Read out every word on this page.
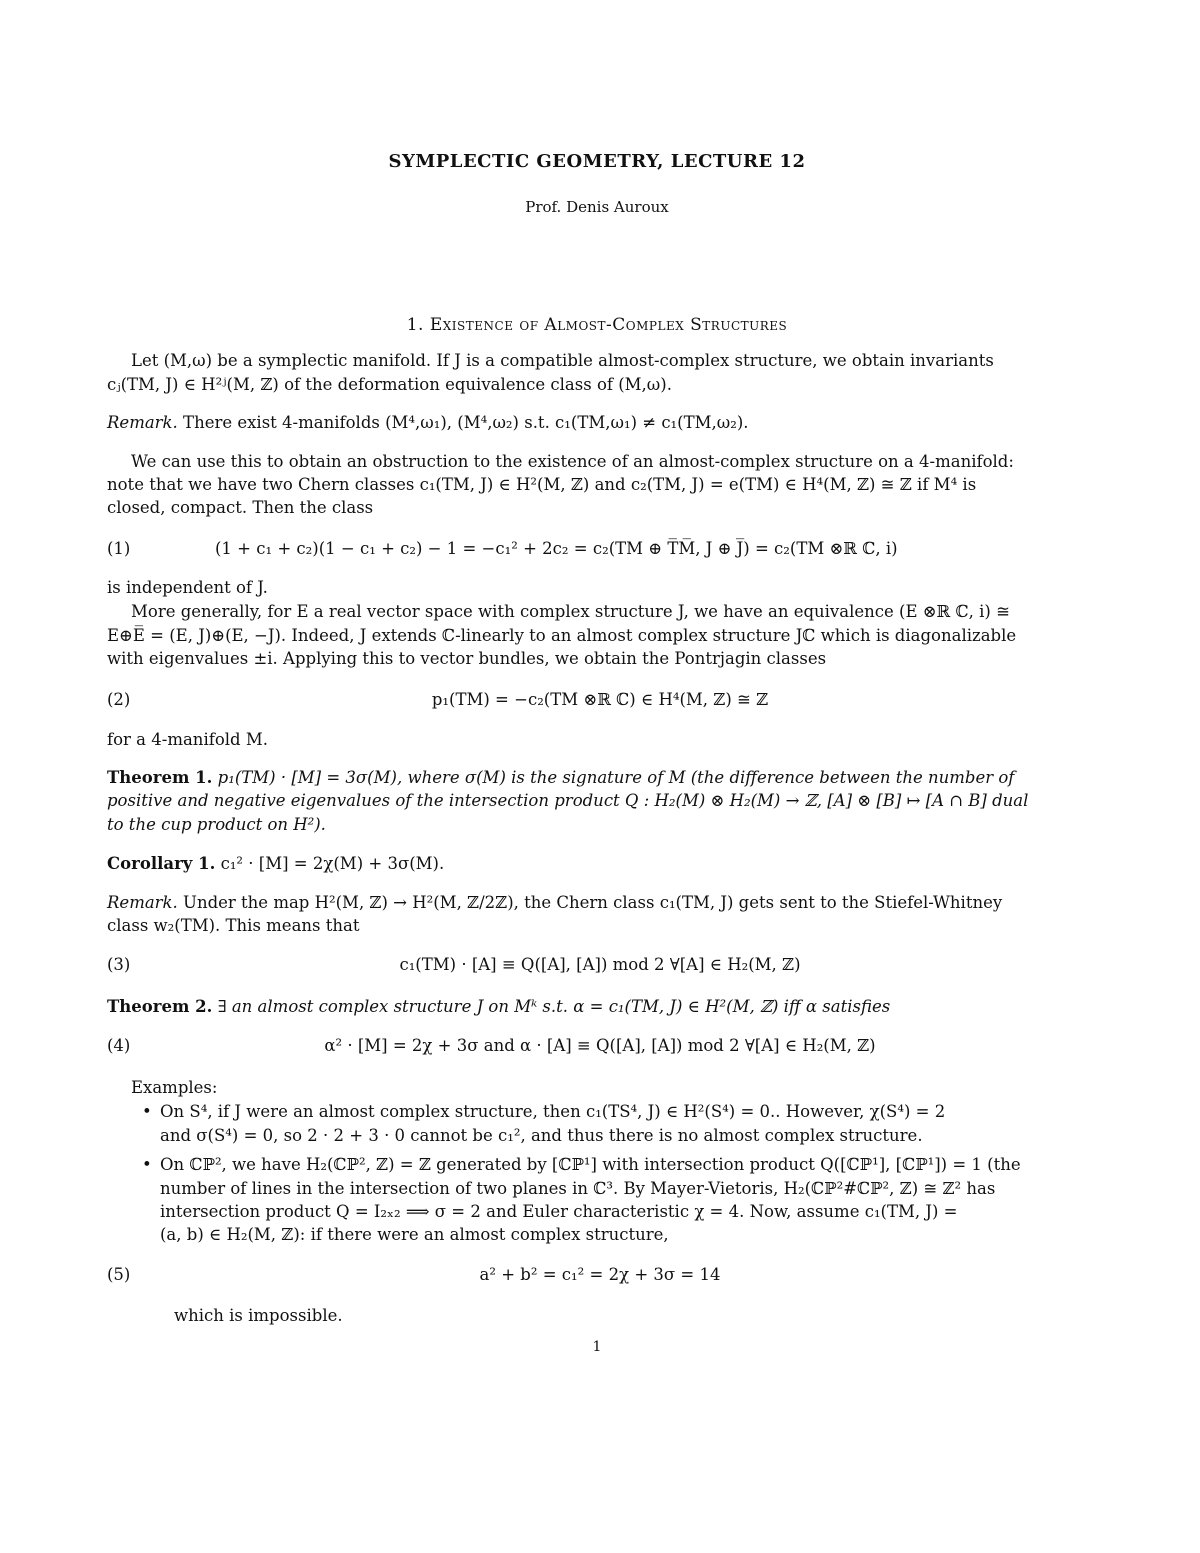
SYMPLECTIC GEOMETRY, LECTURE 12
Prof. Denis Auroux
1. Existence of Almost-Complex Structures
Let (M,ω) be a symplectic manifold. If J is a compatible almost-complex structure, we obtain invariants
cⱼ(TM, J) ∈ H²ʲ(M, ℤ) of the deformation equivalence class of (M,ω).
Remark. There exist 4-manifolds (M⁴,ω₁), (M⁴,ω₂) s.t. c₁(TM,ω₁) ≠ c₁(TM,ω₂).
We can use this to obtain an obstruction to the existence of an almost-complex structure on a 4-manifold:
note that we have two Chern classes c₁(TM, J) ∈ H²(M, ℤ) and c₂(TM, J) = e(TM) ∈ H⁴(M, ℤ) ≅ ℤ if M⁴ is
closed, compact. Then the class
(1)	(1 + c₁ + c₂)(1 − c₁ + c₂) − 1 = −c₁² + 2c₂ = c₂(TM ⊕ T̅M̅, J ⊕ J̅) = c₂(TM ⊗ℝ ℂ, i)
is independent of J.
More generally, for E a real vector space with complex structure J, we have an equivalence (E ⊗ℝ ℂ, i) ≅
E⊕E̅ = (E, J)⊕(E, −J). Indeed, J extends ℂ-linearly to an almost complex structure Jℂ which is diagonalizable
with eigenvalues ±i. Applying this to vector bundles, we obtain the Pontrjagin classes
(2)	p₁(TM) = −c₂(TM ⊗ℝ ℂ) ∈ H⁴(M, ℤ) ≅ ℤ
for a 4-manifold M.
Theorem 1. p₁(TM) · [M] = 3σ(M), where σ(M) is the signature of M (the difference between the number of
positive and negative eigenvalues of the intersection product Q : H₂(M) ⊗ H₂(M) → ℤ, [A] ⊗ [B] ↦ [A ∩ B] dual
to the cup product on H²).
Corollary 1. c₁² · [M] = 2χ(M) + 3σ(M).
Remark. Under the map H²(M, ℤ) → H²(M, ℤ/2ℤ), the Chern class c₁(TM, J) gets sent to the Stiefel-Whitney
class w₂(TM). This means that
(3)	c₁(TM) · [A] ≡ Q([A], [A]) mod 2 ∀[A] ∈ H₂(M, ℤ)
Theorem 2. ∃ an almost complex structure J on Mᵏ s.t. α = c₁(TM, J) ∈ H²(M, ℤ) iff α satisfies
(4)	α² · [M] = 2χ + 3σ and α · [A] ≡ Q([A], [A]) mod 2 ∀[A] ∈ H₂(M, ℤ)
Examples:
• On S⁴, if J were an almost complex structure, then c₁(TS⁴, J) ∈ H²(S⁴) = 0.. However, χ(S⁴) = 2
and σ(S⁴) = 0, so 2 · 2 + 3 · 0 cannot be c₁², and thus there is no almost complex structure.
• On ℂℙ², we have H₂(ℂℙ², ℤ) = ℤ generated by [ℂℙ¹] with intersection product Q([ℂℙ¹], [ℂℙ¹]) = 1 (the
number of lines in the intersection of two planes in ℂ³. By Mayer-Vietoris, H₂(ℂℙ²#ℂℙ², ℤ) ≅ ℤ² has
intersection product Q = I₂ₓ₂ ⟹ σ = 2 and Euler characteristic χ = 4. Now, assume c₁(TM, J) =
(a, b) ∈ H₂(M, ℤ): if there were an almost complex structure,
(5)	a² + b² = c₁² = 2χ + 3σ = 14
which is impossible.
1
